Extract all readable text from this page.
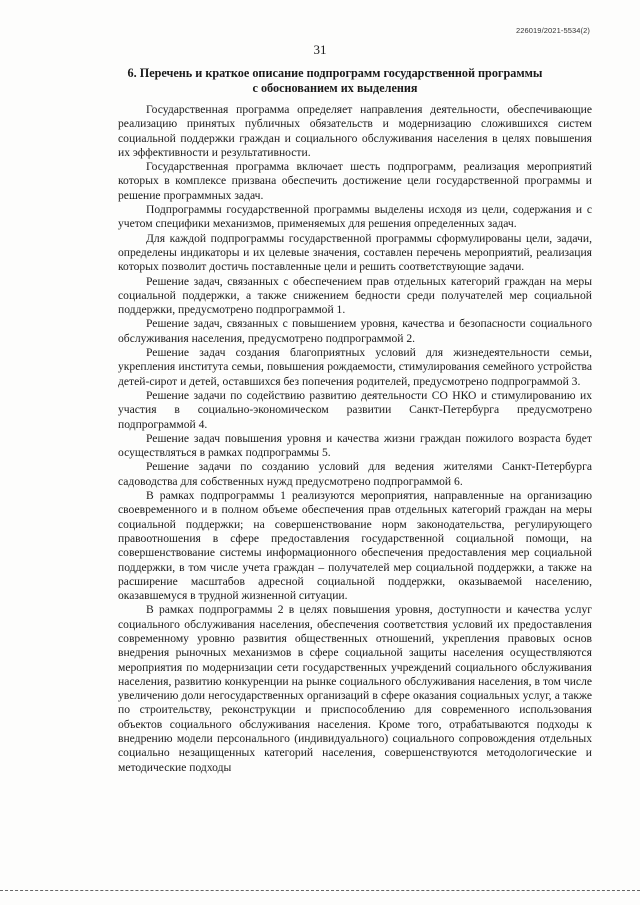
226019/2021-5534(2)
31
6. Перечень и краткое описание подпрограмм государственной программы
с обоснованием их выделения

Государственная программа определяет направления деятельности, обеспечивающие реализацию принятых публичных обязательств и модернизацию сложившихся систем социальной поддержки граждан и социального обслуживания населения в целях повышения их эффективности и результативности.

Государственная программа включает шесть подпрограмм, реализация мероприятий которых в комплексе призвана обеспечить достижение цели государственной программы и решение программных задач.

Подпрограммы государственной программы выделены исходя из цели, содержания и с учетом специфики механизмов, применяемых для решения определенных задач.

Для каждой подпрограммы государственной программы сформулированы цели, задачи, определены индикаторы и их целевые значения, составлен перечень мероприятий, реализация которых позволит достичь поставленные цели и решить соответствующие задачи.

Решение задач, связанных с обеспечением прав отдельных категорий граждан на меры социальной поддержки, а также снижением бедности среди получателей мер социальной поддержки, предусмотрено подпрограммой 1.

Решение задач, связанных с повышением уровня, качества и безопасности социального обслуживания населения, предусмотрено подпрограммой 2.

Решение задач создания благоприятных условий для жизнедеятельности семьи, укрепления института семьи, повышения рождаемости, стимулирования семейного устройства детей-сирот и детей, оставшихся без попечения родителей, предусмотрено подпрограммой 3.

Решение задачи по содействию развитию деятельности СО НКО и стимулированию их участия в социально-экономическом развитии Санкт-Петербурга предусмотрено подпрограммой 4.

Решение задач повышения уровня и качества жизни граждан пожилого возраста будет осуществляться в рамках подпрограммы 5.

Решение задачи по созданию условий для ведения жителями Санкт-Петербурга садоводства для собственных нужд предусмотрено подпрограммой 6.

В рамках подпрограммы 1 реализуются мероприятия, направленные на организацию своевременного и в полном объеме обеспечения прав отдельных категорий граждан на меры социальной поддержки; на совершенствование норм законодательства, регулирующего правоотношения в сфере предоставления государственной социальной помощи, на совершенствование системы информационного обеспечения предоставления мер социальной поддержки, в том числе учета граждан – получателей мер социальной поддержки, а также на расширение масштабов адресной социальной поддержки, оказываемой населению, оказавшемуся в трудной жизненной ситуации.

В рамках подпрограммы 2 в целях повышения уровня, доступности и качества услуг социального обслуживания населения, обеспечения соответствия условий их предоставления современному уровню развития общественных отношений, укрепления правовых основ внедрения рыночных механизмов в сфере социальной защиты населения осуществляются мероприятия по модернизации сети государственных учреждений социального обслуживания населения, развитию конкуренции на рынке социального обслуживания населения, в том числе увеличению доли негосударственных организаций в сфере оказания социальных услуг, а также по строительству, реконструкции и приспособлению для современного использования объектов социального обслуживания населения. Кроме того, отрабатываются подходы к внедрению модели персонального (индивидуального) социального сопровождения отдельных социально незащищенных категорий населения, совершенствуются методологические и методические подходы
